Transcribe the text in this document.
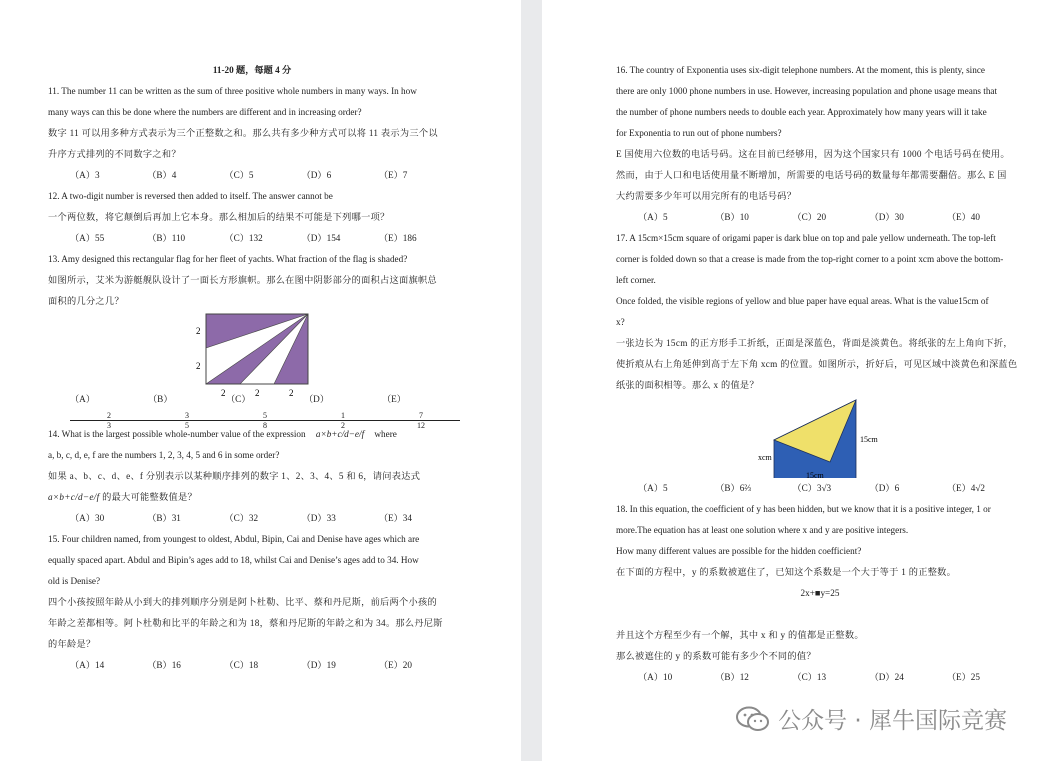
11-20 题，每题 4 分
11. The number 11 can be written as the sum of three positive whole numbers in many ways. In how
many ways can this be done where the numbers are different and in increasing order?
数字 11 可以用多种方式表示为三个正整数之和。那么共有多少种方式可以将 11 表示为三个以
升序方式排列的不同数字之和？
（A）3	（B）4	（C）5	（D）6	（E）7
12. A two-digit number is reversed then added to itself. The answer cannot be
一个两位数，将它颠倒后再加上它本身。那么相加后的结果不可能是下列哪一项？
（A）55	（B）110	（C）132	（D）154	（E）186
13. Amy designed this rectangular flag for her fleet of yachts. What fraction of the flag is shaded?
如图所示，艾米为游艇舰队设计了一面长方形旗帜。那么在图中阴影部分的面积占这面旗帜总
面积的几分之几？
2
2
2	2	2
（A）
$\frac{2}{3}$
（B）
$\frac{3}{5}$
（C）
$\frac{5}{8}$
（D）
$\frac{1}{2}$
（E）
$\frac{7}{12}$
14. What is the largest possible whole-number value of the expression a×b+c/d−e/f where
a, b, c, d, e, f are the numbers 1, 2, 3, 4, 5 and 6 in some order?
如果 a、b、c、d、e、f 分别表示以某种顺序排列的数字 1、2、3、4、5 和 6，请问表达式
a×b+c/d−e/f 的最大可能整数值是？
（A）30	（B）31	（C）32	（D）33	（E）34
15. Four children named, from youngest to oldest, Abdul, Bipin, Cai and Denise have ages which are
equally spaced apart. Abdul and Bipin’s ages add to 18, whilst Cai and Denise’s ages add to 34. How
old is Denise?
四个小孩按照年龄从小到大的排列顺序分别是阿卜杜勒、比平、蔡和丹尼斯，前后两个小孩的
年龄之差都相等。阿卜杜勒和比平的年龄之和为 18，蔡和丹尼斯的年龄之和为 34。那么丹尼斯
的年龄是？
（A）14	（B）16	（C）18	（D）19	（E）20
16. The country of Exponentia uses six-digit telephone numbers. At the moment, this is plenty, since
there are only 1000 phone numbers in use. However, increasing population and phone usage means that
the number of phone numbers needs to double each year. Approximately how many years will it take
for Exponentia to run out of phone numbers?
E 国使用六位数的电话号码。这在目前已经够用，因为这个国家只有 1000 个电话号码在使用。
然而，由于人口和电话使用量不断增加，所需要的电话号码的数量每年都需要翻倍。那么 E 国
大约需要多少年可以用完所有的电话号码？
（A）5	（B）10	（C）20	（D）30	（E）40
17. A 15cm×15cm square of origami paper is dark blue on top and pale yellow underneath. The top-left
corner is folded down so that a crease is made from the top-right corner to a point xcm above the bottom-
left corner.
Once folded, the visible regions of yellow and blue paper have equal areas. What is the value15cm of
x?
一张边长为 15cm 的正方形手工折纸，正面是深蓝色，背面是淡黄色。将纸张的左上角向下折，
使折痕从右上角延伸到高于左下角 xcm 的位置。如图所示，折好后，可见区域中淡黄色和深蓝色
纸张的面积相等。那么 x 的值是？
15cm
xcm
15cm
（A）5	（B）6⅔	（C）3√3	（D）6	（E）4√2
18. In this equation, the coefficient of y has been hidden, but we know that it is a positive integer, 1 or
more.The equation has at least one solution where x and y are positive integers.
How many different values are possible for the hidden coefficient?
在下面的方程中，y 的系数被遮住了，已知这个系数是一个大于等于 1 的正整数。
2x+■y=25
并且这个方程至少有一个解，其中 x 和 y 的值都是正整数。
那么被遮住的 y 的系数可能有多少个不同的值？
（A）10	（B）12	（C）13	（D）24	（E）25
公众号 · 犀牛国际竞赛
